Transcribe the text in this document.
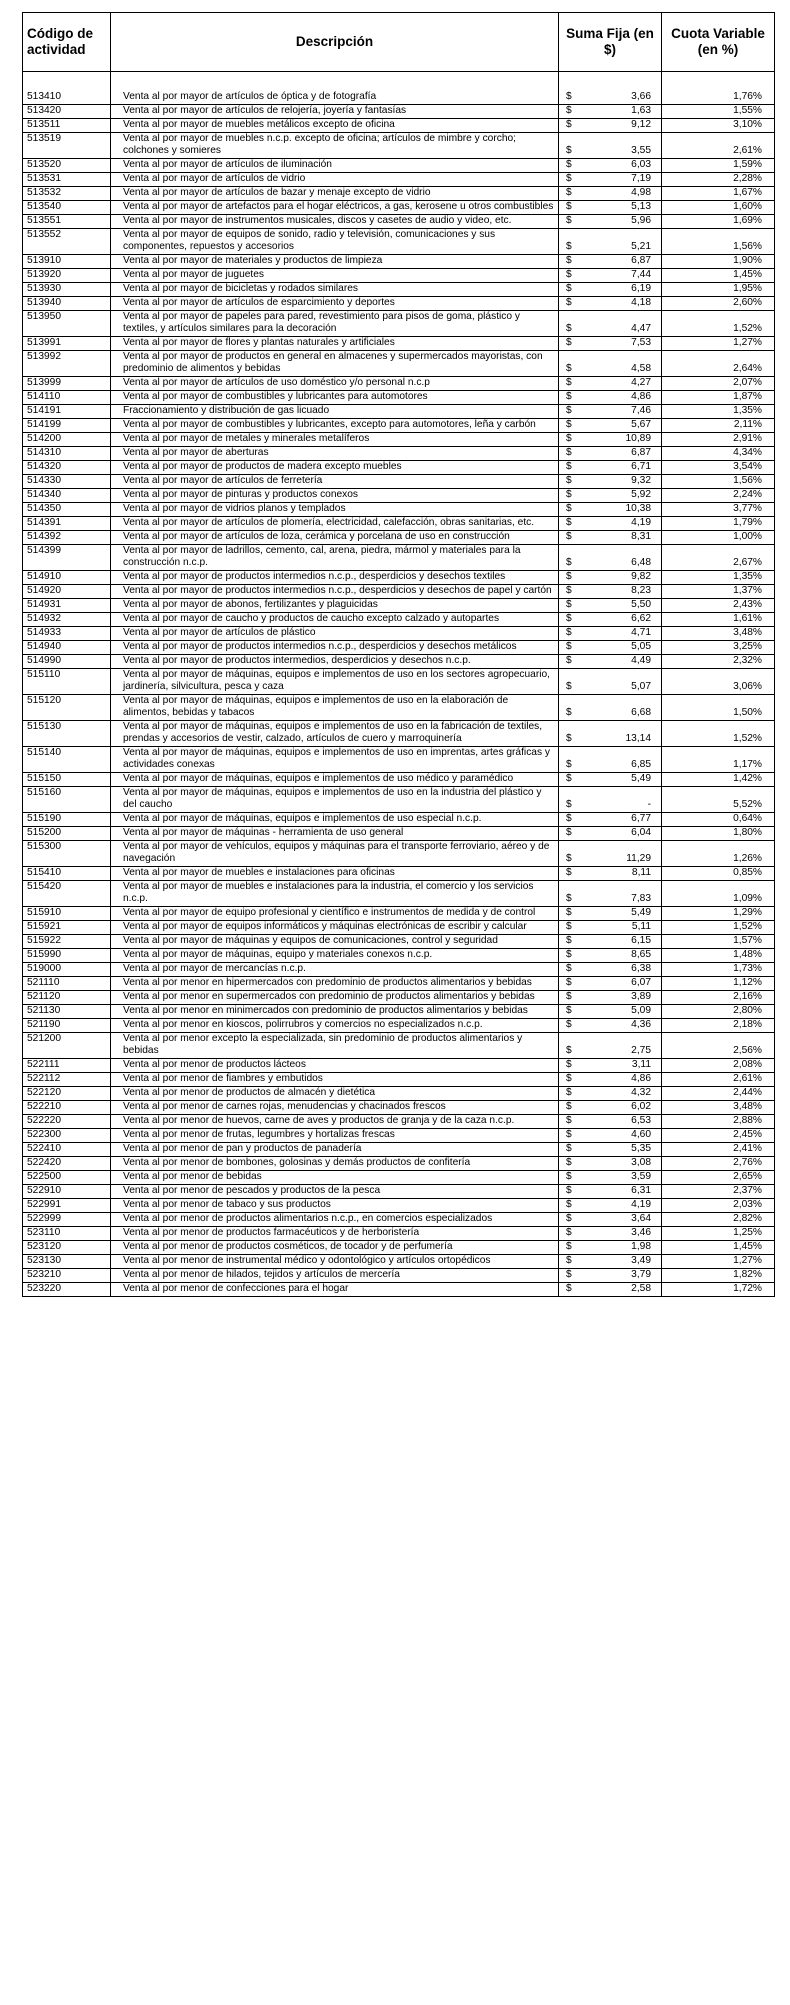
Código de actividad	Descripción	Suma Fija (en $)	Cuota Variable (en %)

513410	Venta al por mayor de artículos de óptica y de fotografía	$ 3,66	1,76%
513420	Venta al por mayor de artículos de relojería, joyería y fantasías	$ 1,63	1,55%
513511	Venta al por mayor de muebles metálicos excepto de oficina	$ 9,12	3,10%
513519	Venta al por mayor de muebles n.c.p. excepto de oficina; artículos de mimbre y corcho; colchones y somieres	$ 3,55	2,61%
513520	Venta al por mayor de artículos de iluminación	$ 6,03	1,59%
513531	Venta al por mayor de artículos de vidrio	$ 7,19	2,28%
513532	Venta al por mayor de artículos de bazar y menaje excepto de vidrio	$ 4,98	1,67%
513540	Venta al por mayor de artefactos para el hogar eléctricos, a gas, kerosene u otros combustibles	$ 5,13	1,60%
513551	Venta al por mayor de instrumentos musicales, discos y casetes de audio y video, etc.	$ 5,96	1,69%
513552	Venta al por mayor de equipos de sonido, radio y televisión, comunicaciones y sus componentes, repuestos y accesorios	$ 5,21	1,56%
513910	Venta al por mayor de materiales y productos de limpieza	$ 6,87	1,90%
513920	Venta al por mayor de juguetes	$ 7,44	1,45%
513930	Venta al por mayor de bicicletas y rodados similares	$ 6,19	1,95%
513940	Venta al por mayor de artículos de esparcimiento y deportes	$ 4,18	2,60%
513950	Venta al por mayor de papeles para pared, revestimiento para pisos de goma, plástico y textiles, y artículos similares para la decoración	$ 4,47	1,52%
513991	Venta al por mayor de flores y plantas naturales y artificiales	$ 7,53	1,27%
513992	Venta al por mayor de productos en general en almacenes y supermercados mayoristas, con predominio de alimentos y bebidas	$ 4,58	2,64%
513999	Venta al por mayor de artículos de uso doméstico y/o personal n.c.p	$ 4,27	2,07%
514110	Venta al por mayor de combustibles y lubricantes para automotores	$ 4,86	1,87%
514191	Fraccionamiento y distribución de gas licuado	$ 7,46	1,35%
514199	Venta al por mayor de combustibles y lubricantes, excepto para automotores, leña y carbón	$ 5,67	2,11%
514200	Venta al por mayor de metales y minerales metalíferos	$ 10,89	2,91%
514310	Venta al por mayor de aberturas	$ 6,87	4,34%
514320	Venta al por mayor de productos de madera excepto muebles	$ 6,71	3,54%
514330	Venta al por mayor de artículos de ferretería	$ 9,32	1,56%
514340	Venta al por mayor de pinturas y productos conexos	$ 5,92	2,24%
514350	Venta al por mayor de vidrios planos y templados	$ 10,38	3,77%
514391	Venta al por mayor de artículos de plomería, electricidad, calefacción, obras sanitarias, etc.	$ 4,19	1,79%
514392	Venta al por mayor de artículos de loza, cerámica y porcelana de uso en construcción	$ 8,31	1,00%
514399	Venta al por mayor de ladrillos, cemento, cal, arena, piedra, mármol y materiales para la construcción n.c.p.	$ 6,48	2,67%
514910	Venta al por mayor de productos intermedios n.c.p., desperdicios y desechos textiles	$ 9,82	1,35%
514920	Venta al por mayor de productos intermedios n.c.p., desperdicios y desechos de papel y cartón	$ 8,23	1,37%
514931	Venta al por mayor de abonos, fertilizantes y plaguicidas	$ 5,50	2,43%
514932	Venta al por mayor de caucho y productos de caucho excepto calzado y autopartes	$ 6,62	1,61%
514933	Venta al por mayor de artículos de plástico	$ 4,71	3,48%
514940	Venta al por mayor de productos intermedios n.c.p., desperdicios y desechos metálicos	$ 5,05	3,25%
514990	Venta al por mayor de productos intermedios, desperdicios y desechos n.c.p.	$ 4,49	2,32%
515110	Venta al por mayor de máquinas, equipos e implementos de uso en los sectores agropecuario, jardinería, silvicultura, pesca y caza	$ 5,07	3,06%
515120	Venta al por mayor de máquinas, equipos e implementos de uso en la elaboración de alimentos, bebidas y tabacos	$ 6,68	1,50%
515130	Venta al por mayor de máquinas, equipos e implementos de uso en la fabricación de textiles, prendas y accesorios de vestir, calzado, artículos de cuero y marroquinería	$ 13,14	1,52%
515140	Venta al por mayor de máquinas, equipos e implementos de uso en imprentas, artes gráficas y actividades conexas	$ 6,85	1,17%
515150	Venta al por mayor de máquinas, equipos e implementos de uso médico y paramédico	$ 5,49	1,42%
515160	Venta al por mayor de máquinas, equipos e implementos de uso en la industria del plástico y del caucho	$ -	5,52%
515190	Venta al por mayor de máquinas, equipos e implementos de uso especial n.c.p.	$ 6,77	0,64%
515200	Venta al por mayor de máquinas - herramienta de uso general	$ 6,04	1,80%
515300	Venta al por mayor de vehículos, equipos y máquinas para el transporte ferroviario, aéreo y de navegación	$ 11,29	1,26%
515410	Venta al por mayor de muebles e instalaciones para oficinas	$ 8,11	0,85%
515420	Venta al por mayor de muebles e instalaciones para la industria, el comercio y los servicios n.c.p.	$ 7,83	1,09%
515910	Venta al por mayor de equipo profesional y científico e instrumentos de medida y de control	$ 5,49	1,29%
515921	Venta al por mayor de equipos informáticos y máquinas electrónicas de escribir y calcular	$ 5,11	1,52%
515922	Venta al por mayor de máquinas y equipos de comunicaciones, control y seguridad	$ 6,15	1,57%
515990	Venta al por mayor de máquinas, equipo y materiales conexos n.c.p.	$ 8,65	1,48%
519000	Venta al por mayor de mercancías n.c.p.	$ 6,38	1,73%
521110	Venta al por menor en hipermercados con predominio de productos alimentarios y bebidas	$ 6,07	1,12%
521120	Venta al por menor en supermercados con predominio de productos alimentarios y bebidas	$ 3,89	2,16%
521130	Venta al por menor en minimercados con predominio de productos alimentarios y bebidas	$ 5,09	2,80%
521190	Venta al por menor en kioscos, polirrubros y comercios no especializados n.c.p.	$ 4,36	2,18%
521200	Venta al por menor excepto la especializada, sin predominio de productos alimentarios y bebidas	$ 2,75	2,56%
522111	Venta al por menor de productos lácteos	$ 3,11	2,08%
522112	Venta al por menor de fiambres y embutidos	$ 4,86	2,61%
522120	Venta al por menor de productos de almacén y dietética	$ 4,32	2,44%
522210	Venta al por menor de carnes rojas, menudencias y chacinados frescos	$ 6,02	3,48%
522220	Venta al por menor de huevos, carne de aves y productos de granja y de la caza n.c.p.	$ 6,53	2,88%
522300	Venta al por menor de frutas, legumbres y hortalizas frescas	$ 4,60	2,45%
522410	Venta al por menor de pan y productos de panadería	$ 5,35	2,41%
522420	Venta al por menor de bombones, golosinas y demás productos de confitería	$ 3,08	2,76%
522500	Venta al por menor de bebidas	$ 3,59	2,65%
522910	Venta al por menor de pescados y productos de la pesca	$ 6,31	2,37%
522991	Venta al por menor de tabaco y sus productos	$ 4,19	2,03%
522999	Venta al por menor de productos alimentarios n.c.p., en comercios especializados	$ 3,64	2,82%
523110	Venta al por menor de productos farmacéuticos y de herboristería	$ 3,46	1,25%
523120	Venta al por menor de productos cosméticos, de tocador y de perfumería	$ 1,98	1,45%
523130	Venta al por menor de instrumental médico y odontológico y artículos ortopédicos	$ 3,49	1,27%
523210	Venta al por menor de hilados, tejidos y artículos de mercería	$ 3,79	1,82%
523220	Venta al por menor de confecciones para el hogar	$ 2,58	1,72%
